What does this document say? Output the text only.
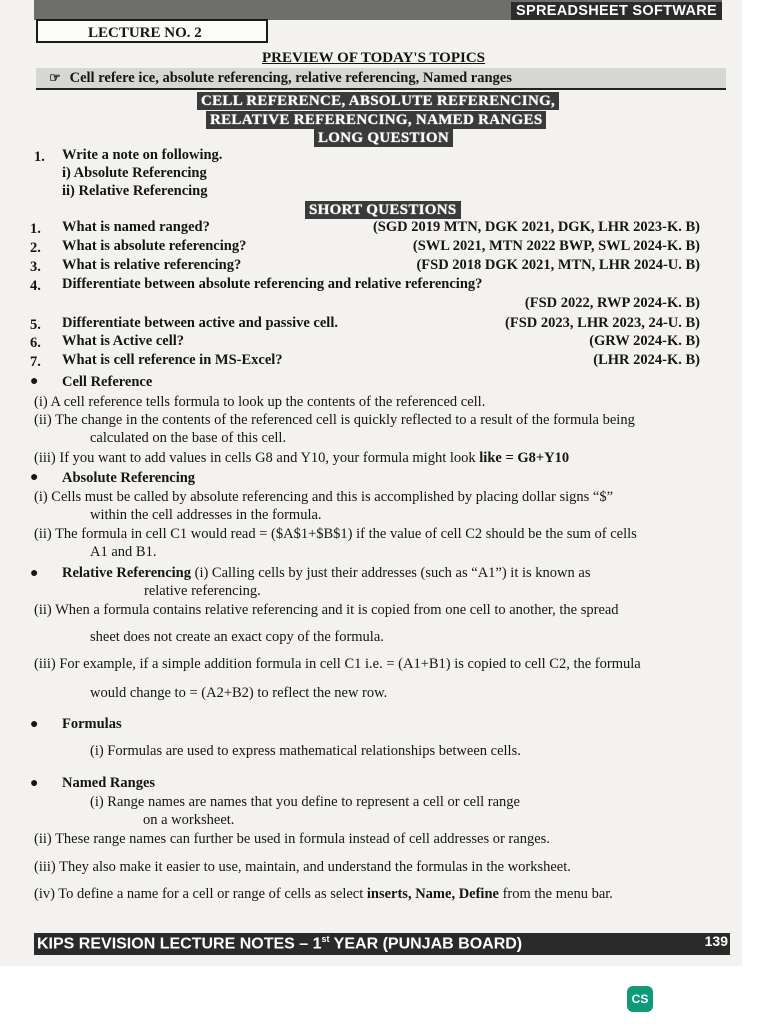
SPREADSHEET SOFTWARE
LECTURE NO. 2
PREVIEW OF TODAY'S TOPICS
☞ Cell refere ice, absolute referencing, relative referencing, Named ranges
CELL REFERENCE, ABSOLUTE REFERENCING,
RELATIVE REFERENCING, NAMED RANGES
LONG QUESTION
1. Write a note on following.
i) Absolute Referencing
ii) Relative Referencing
SHORT QUESTIONS
1. What is named ranged?	(SGD 2019 MTN, DGK 2021, DGK, LHR 2023-K. B)
2. What is absolute referencing?	(SWL 2021, MTN 2022 BWP, SWL 2024-K. B)
3. What is relative referencing?	(FSD 2018 DGK 2021, MTN, LHR 2024-U. B)
4. Differentiate between absolute referencing and relative referencing?
(FSD 2022, RWP 2024-K. B)
5. Differentiate between active and passive cell.	(FSD 2023, LHR 2023, 24-U. B)
6. What is Active cell?	(GRW 2024-K. B)
7. What is cell reference in MS-Excel?	(LHR 2024-K. B)
● Cell Reference
(i) A cell reference tells formula to look up the contents of the referenced cell.
(ii) The change in the contents of the referenced cell is quickly reflected to a result of the formula being
calculated on the base of this cell.
(iii) If you want to add values in cells G8 and Y10, your formula might look like = G8+Y10
● Absolute Referencing
(i) Cells must be called by absolute referencing and this is accomplished by placing dollar signs “$”
within the cell addresses in the formula.
(ii) The formula in cell C1 would read = ($A$1+$B$1) if the value of cell C2 should be the sum of cells
A1 and B1.
● Relative Referencing (i) Calling cells by just their addresses (such as “A1”) it is known as
relative referencing.
(ii) When a formula contains relative referencing and it is copied from one cell to another, the spread
sheet does not create an exact copy of the formula.
(iii) For example, if a simple addition formula in cell C1 i.e. = (A1+B1) is copied to cell C2, the formula
would change to = (A2+B2) to reflect the new row.
● Formulas
(i) Formulas are used to express mathematical relationships between cells.
● Named Ranges
(i) Range names are names that you define to represent a cell or cell range
on a worksheet.
(ii) These range names can further be used in formula instead of cell addresses or ranges.
(iii) They also make it easier to use, maintain, and understand the formulas in the worksheet.
(iv) To define a name for a cell or range of cells as select inserts, Name, Define from the menu bar.
KIPS REVISION LECTURE NOTES – 1st YEAR (PUNJAB BOARD)	139
CS
